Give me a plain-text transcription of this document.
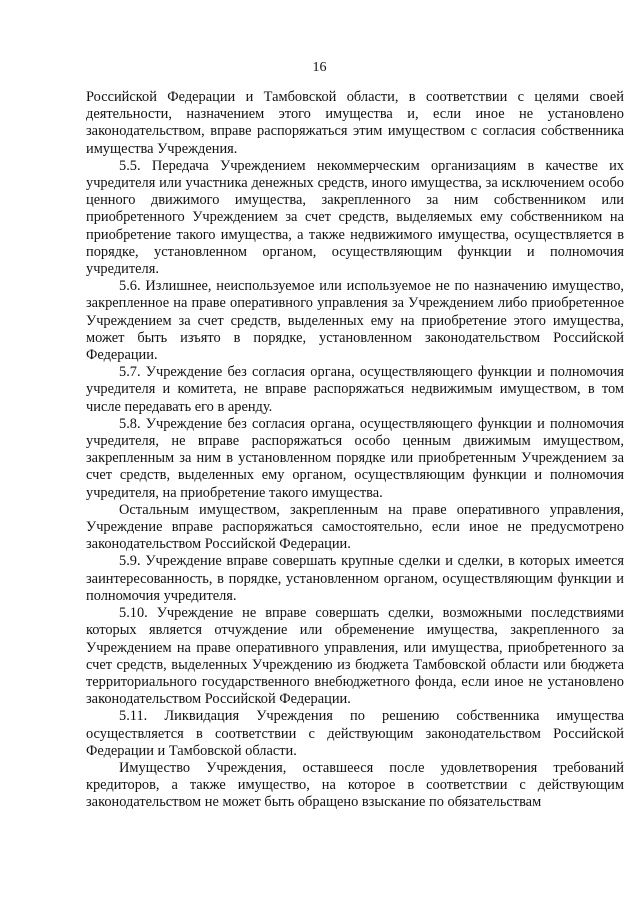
16

Российской Федерации и Тамбовской области, в соответствии с целями своей деятельности, назначением этого имущества и, если иное не установлено законодательством, вправе распоряжаться этим имуществом с согласия собственника имущества Учреждения.

5.5. Передача Учреждением некоммерческим организациям в качестве их учредителя или участника денежных средств, иного имущества, за исключением особо ценного движимого имущества, закрепленного за ним собственником или приобретенного Учреждением за счет средств, выделяемых ему собственником на приобретение такого имущества, а также недвижимого имущества, осуществляется в порядке, установленном органом, осуществляющим функции и полномочия учредителя.

5.6. Излишнее, неиспользуемое или используемое не по назначению имущество, закрепленное на праве оперативного управления за Учреждением либо приобретенное Учреждением за счет средств, выделенных ему на приобретение этого имущества, может быть изъято в порядке, установленном законодательством Российской Федерации.

5.7. Учреждение без согласия органа, осуществляющего функции и полномочия учредителя и комитета, не вправе распоряжаться недвижимым имуществом, в том числе передавать его в аренду.

5.8. Учреждение без согласия органа, осуществляющего функции и полномочия учредителя, не вправе распоряжаться особо ценным движимым имуществом, закрепленным за ним в установленном порядке или приобретенным Учреждением за счет средств, выделенных ему органом, осуществляющим функции и полномочия учредителя, на приобретение такого имущества.

Остальным имуществом, закрепленным на праве оперативного управления, Учреждение вправе распоряжаться самостоятельно, если иное не предусмотрено законодательством Российской Федерации.

5.9. Учреждение вправе совершать крупные сделки и сделки, в которых имеется заинтересованность, в порядке, установленном органом, осуществляющим функции и полномочия учредителя.

5.10. Учреждение не вправе совершать сделки, возможными последствиями которых является отчуждение или обременение имущества, закрепленного за Учреждением на праве оперативного управления, или имущества, приобретенного за счет средств, выделенных Учреждению из бюджета Тамбовской области или бюджета территориального государственного внебюджетного фонда, если иное не установлено законодательством Российской Федерации.

5.11. Ликвидация Учреждения по решению собственника имущества осуществляется в соответствии с действующим законодательством Российской Федерации и Тамбовской области.

Имущество Учреждения, оставшееся после удовлетворения требований кредиторов, а также имущество, на которое в соответствии с действующим законодательством не может быть обращено взыскание по обязательствам
